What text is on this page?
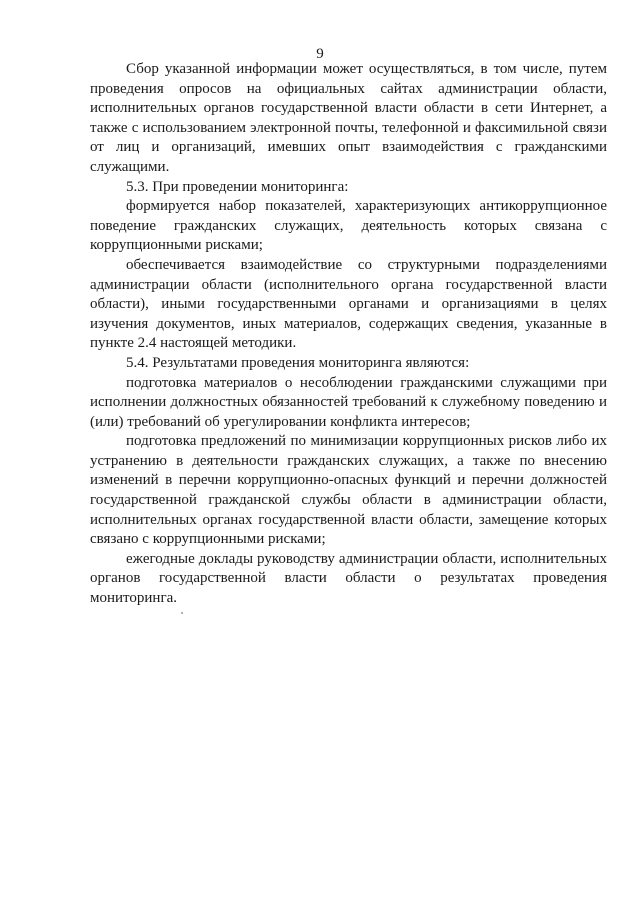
9

Сбор указанной информации может осуществляться, в том числе, путем проведения опросов на официальных сайтах администрации области, исполнительных органов государственной власти области в сети Интернет, а также с использованием электронной почты, телефонной и факсимильной связи от лиц и организаций, имевших опыт взаимодействия с гражданскими служащими.

5.3. При проведении мониторинга:

формируется набор показателей, характеризующих антикоррупционное поведение гражданских служащих, деятельность которых связана с коррупционными рисками;

обеспечивается взаимодействие со структурными подразделениями администрации области (исполнительного органа государственной власти области), иными государственными органами и организациями в целях изучения документов, иных материалов, содержащих сведения, указанные в пункте 2.4 настоящей методики.

5.4. Результатами проведения мониторинга являются:

подготовка материалов о несоблюдении гражданскими служащими при исполнении должностных обязанностей требований к служебному поведению и (или) требований об урегулировании конфликта интересов;

подготовка предложений по минимизации коррупционных рисков либо их устранению в деятельности гражданских служащих, а также по внесению изменений в перечни коррупционно-опасных функций и перечни должностей государственной гражданской службы области в администрации области, исполнительных органах государственной власти области, замещение которых связано с коррупционными рисками;

ежегодные доклады руководству администрации области, исполнительных органов государственной власти области о результатах проведения мониторинга.
